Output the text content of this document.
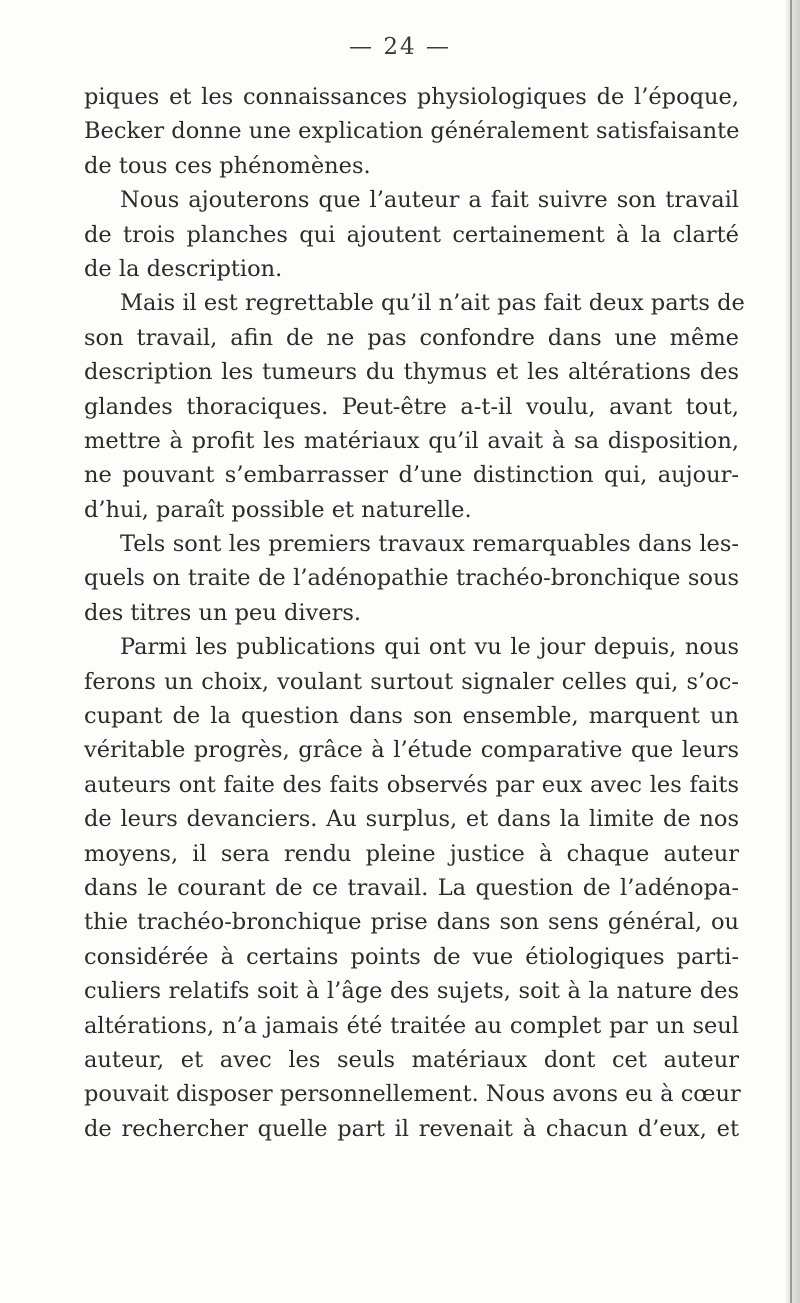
— 24 —
piques et les connaissances physiologiques de l’époque,
Becker donne une explication généralement satisfaisante
de tous ces phénomènes.
Nous ajouterons que l’auteur a fait suivre son travail
de trois planches qui ajoutent certainement à la clarté
de la description.
Mais il est regrettable qu’il n’ait pas fait deux parts de
son travail, afin de ne pas confondre dans une même
description les tumeurs du thymus et les altérations des
glandes thoraciques. Peut-être a-t-il voulu, avant tout,
mettre à profit les matériaux qu’il avait à sa disposition,
ne pouvant s’embarrasser d’une distinction qui, aujour-
d’hui, paraît possible et naturelle.
Tels sont les premiers travaux remarquables dans les-
quels on traite de l’adénopathie trachéo-bronchique sous
des titres un peu divers.
Parmi les publications qui ont vu le jour depuis, nous
ferons un choix, voulant surtout signaler celles qui, s’oc-
cupant de la question dans son ensemble, marquent un
véritable progrès, grâce à l’étude comparative que leurs
auteurs ont faite des faits observés par eux avec les faits
de leurs devanciers. Au surplus, et dans la limite de nos
moyens, il sera rendu pleine justice à chaque auteur
dans le courant de ce travail. La question de l’adénopa-
thie trachéo-bronchique prise dans son sens général, ou
considérée à certains points de vue étiologiques parti-
culiers relatifs soit à l’âge des sujets, soit à la nature des
altérations, n’a jamais été traitée au complet par un seul
auteur, et avec les seuls matériaux dont cet auteur
pouvait disposer personnellement. Nous avons eu à cœur
de rechercher quelle part il revenait à chacun d’eux, et
